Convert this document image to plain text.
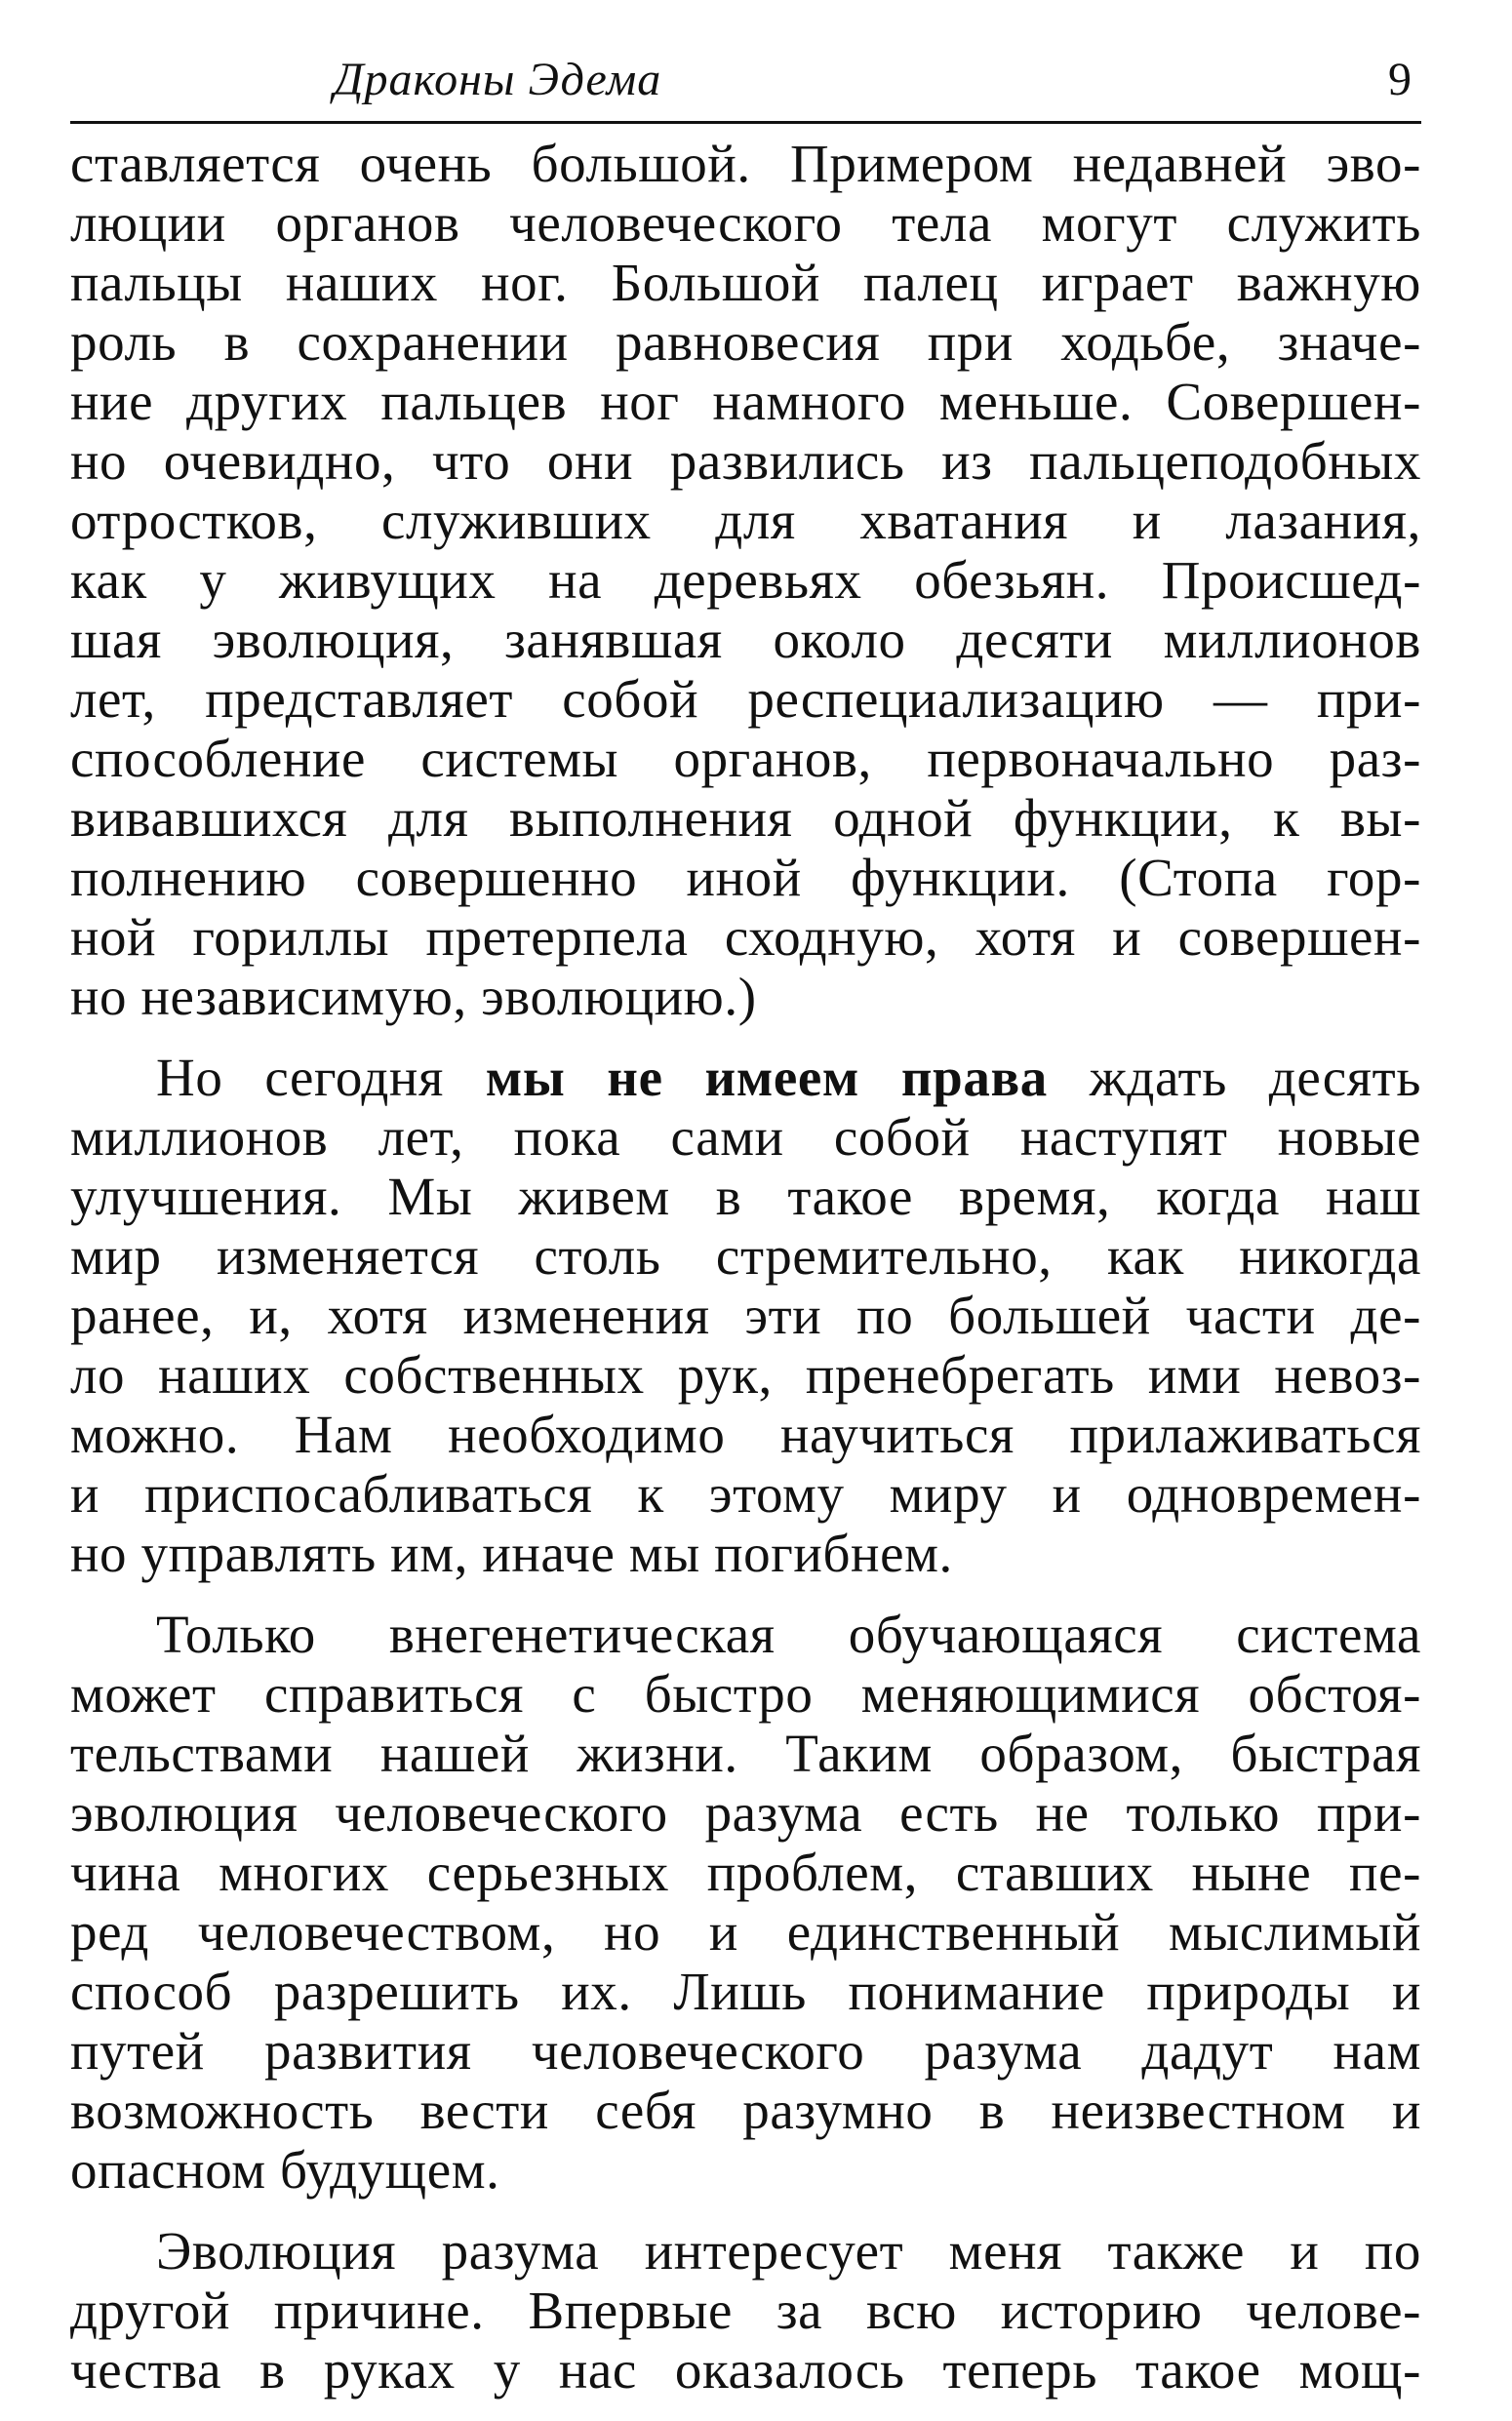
Драконы Эдема	9

ставляется очень большой. Примером недавней эво-
люции органов человеческого тела могут служить
пальцы наших ног. Большой палец играет важную
роль в сохранении равновесия при ходьбе, значе-
ние других пальцев ног намного меньше. Совершен-
но очевидно, что они развились из пальцеподобных
отростков, служивших для хватания и лазания,
как у живущих на деревьях обезьян. Происшед-
шая эволюция, занявшая около десяти миллионов
лет, представляет собой респециализацию — при-
способление системы органов, первоначально раз-
вивавшихся для выполнения одной функции, к вы-
полнению совершенно иной функции. (Стопа гор-
ной гориллы претерпела сходную, хотя и совершен-
но независимую, эволюцию.)

Но сегодня мы не имеем права ждать десять
миллионов лет, пока сами собой наступят новые
улучшения. Мы живем в такое время, когда наш
мир изменяется столь стремительно, как никогда
ранее, и, хотя изменения эти по большей части де-
ло наших собственных рук, пренебрегать ими невоз-
можно. Нам необходимо научиться прилаживаться
и приспосабливаться к этому миру и одновремен-
но управлять им, иначе мы погибнем.

Только внегенетическая обучающаяся система
может справиться с быстро меняющимися обстоя-
тельствами нашей жизни. Таким образом, быстрая
эволюция человеческого разума есть не только при-
чина многих серьезных проблем, ставших ныне пе-
ред человечеством, но и единственный мыслимый
способ разрешить их. Лишь понимание природы и
путей развития человеческого разума дадут нам
возможность вести себя разумно в неизвестном и
опасном будущем.

Эволюция разума интересует меня также и по
другой причине. Впервые за всю историю челове-
чества в руках у нас оказалось теперь такое мощ-
